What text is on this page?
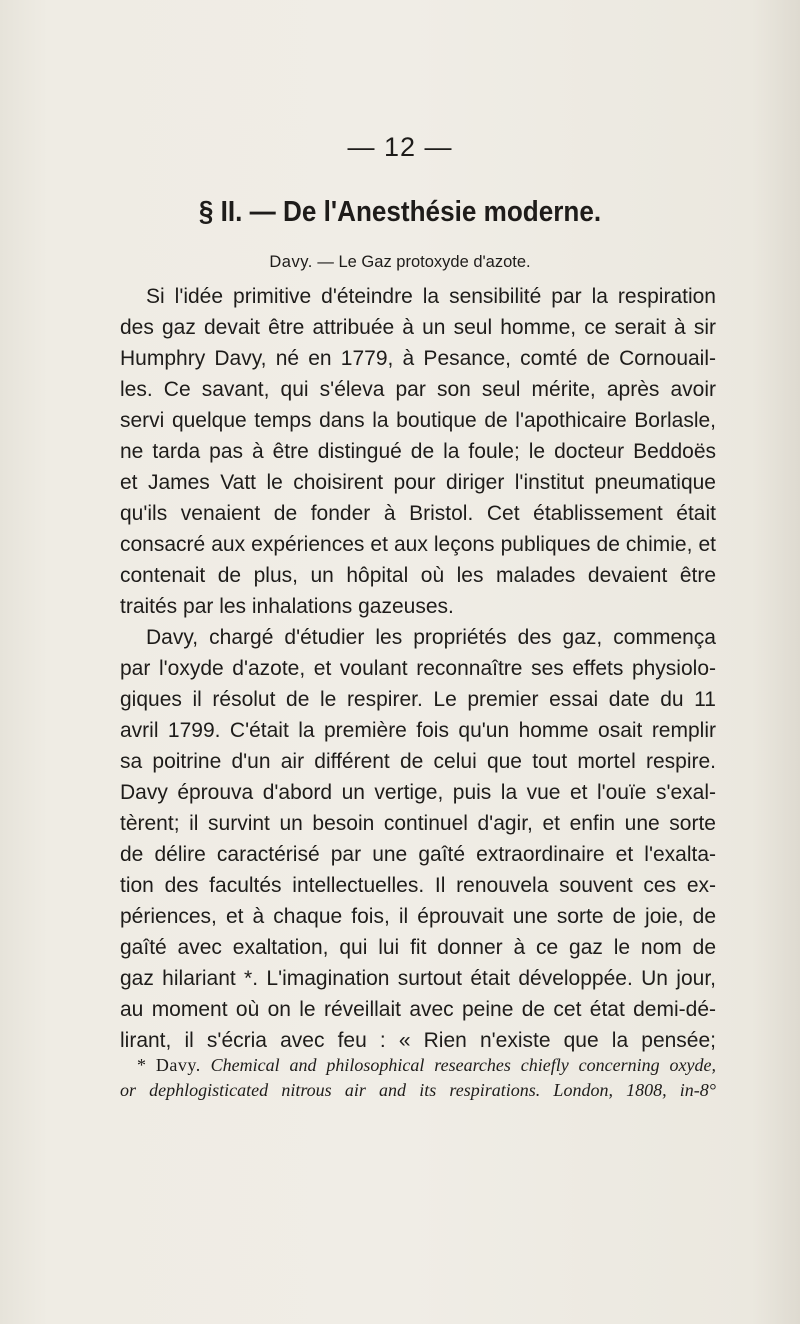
— 12 —
§ II. — De l'Anesthésie moderne.
Davy. — Le Gaz protoxyde d'azote.
Si l'idée primitive d'éteindre la sensibilité par la respiration
des gaz devait être attribuée à un seul homme, ce serait à sir
Humphry Davy, né en 1779, à Pesance, comté de Cornouail-
les. Ce savant, qui s'éleva par son seul mérite, après avoir
servi quelque temps dans la boutique de l'apothicaire Borlasle,
ne tarda pas à être distingué de la foule; le docteur Beddoës
et James Vatt le choisirent pour diriger l'institut pneumatique
qu'ils venaient de fonder à Bristol. Cet établissement était
consacré aux expériences et aux leçons publiques de chimie, et
contenait de plus, un hôpital où les malades devaient être
traités par les inhalations gazeuses.
Davy, chargé d'étudier les propriétés des gaz, commença
par l'oxyde d'azote, et voulant reconnaître ses effets physiolo-
giques il résolut de le respirer. Le premier essai date du 11
avril 1799. C'était la première fois qu'un homme osait remplir
sa poitrine d'un air différent de celui que tout mortel respire.
Davy éprouva d'abord un vertige, puis la vue et l'ouïe s'exal-
tèrent; il survint un besoin continuel d'agir, et enfin une sorte
de délire caractérisé par une gaîté extraordinaire et l'exalta-
tion des facultés intellectuelles. Il renouvela souvent ces ex-
périences, et à chaque fois, il éprouvait une sorte de joie, de
gaîté avec exaltation, qui lui fit donner à ce gaz le nom de
gaz hilariant *. L'imagination surtout était développée. Un jour,
au moment où on le réveillait avec peine de cet état demi-dé-
lirant, il s'écria avec feu : « Rien n'existe que la pensée;
* Davy. Chemical and philosophical researches chiefly concerning oxyde,
or dephlogisticated nitrous air and its respirations. London, 1808, in-8°
